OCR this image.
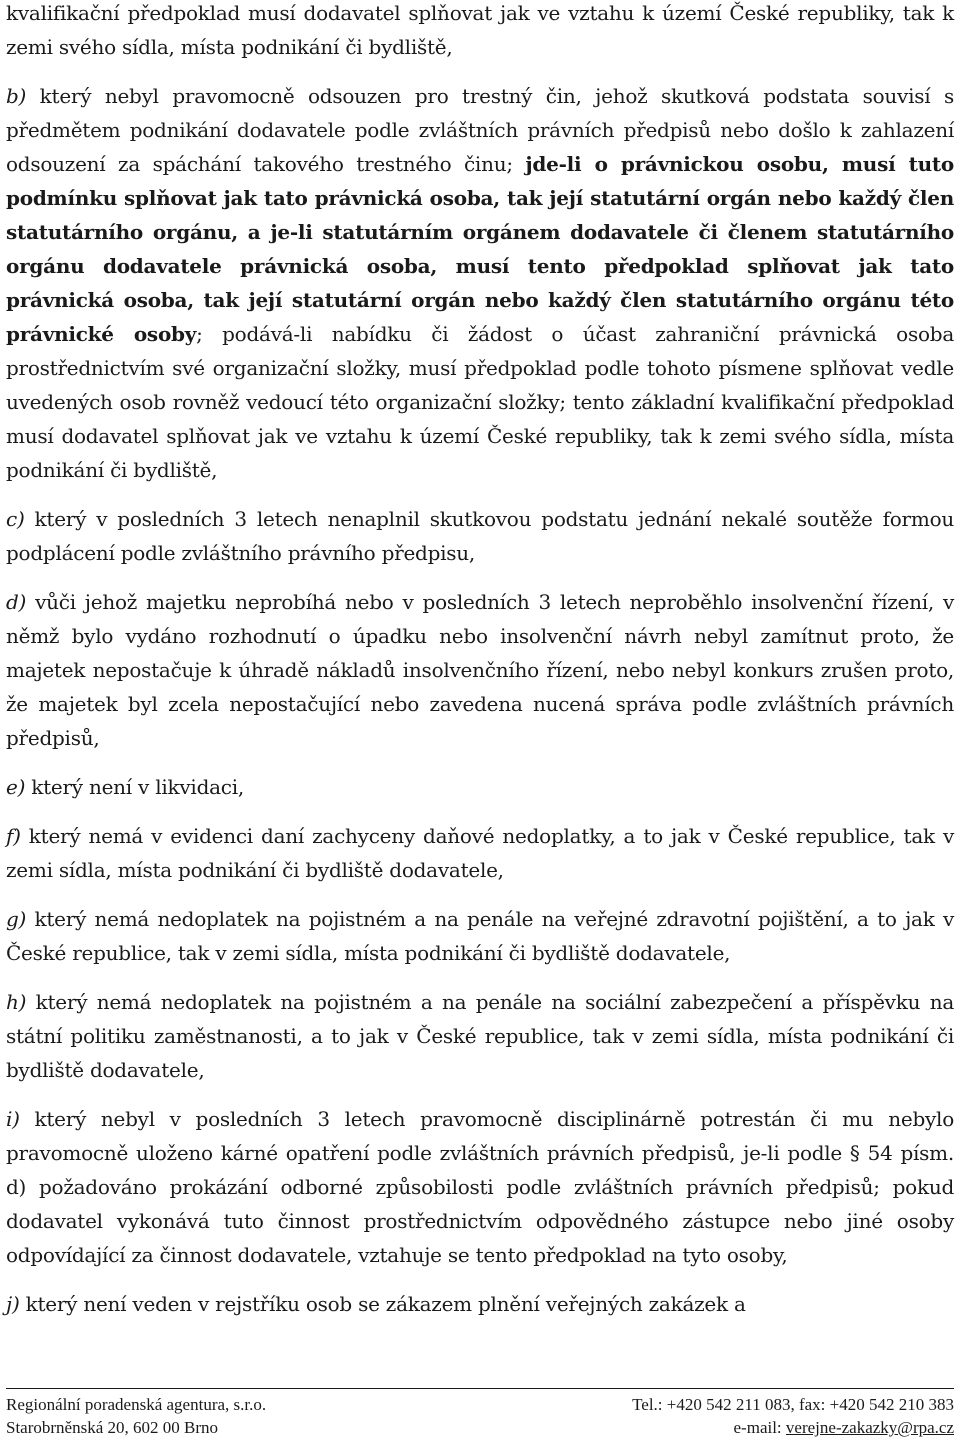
kvalifikační předpoklad musí dodavatel splňovat jak ve vztahu k území České republiky, tak k zemi svého sídla, místa podnikání či bydliště,

b) který nebyl pravomocně odsouzen pro trestný čin, jehož skutková podstata souvisí s předmětem podnikání dodavatele podle zvláštních právních předpisů nebo došlo k zahlazení odsouzení za spáchání takového trestného činu; jde-li o právnickou osobu, musí tuto podmínku splňovat jak tato právnická osoba, tak její statutární orgán nebo každý člen statutárního orgánu, a je-li statutárním orgánem dodavatele či členem statutárního orgánu dodavatele právnická osoba, musí tento předpoklad splňovat jak tato právnická osoba, tak její statutární orgán nebo každý člen statutárního orgánu této právnické osoby; podává-li nabídku či žádost o účast zahraniční právnická osoba prostřednictvím své organizační složky, musí předpoklad podle tohoto písmene splňovat vedle uvedených osob rovněž vedoucí této organizační složky; tento základní kvalifikační předpoklad musí dodavatel splňovat jak ve vztahu k území České republiky, tak k zemi svého sídla, místa podnikání či bydliště,

c) který v posledních 3 letech nenaplnil skutkovou podstatu jednání nekalé soutěže formou podplácení podle zvláštního právního předpisu,

d) vůči jehož majetku neprobíhá nebo v posledních 3 letech neproběhlo insolvenční řízení, v němž bylo vydáno rozhodnutí o úpadku nebo insolvenční návrh nebyl zamítnut proto, že majetek nepostačuje k úhradě nákladů insolvenčního řízení, nebo nebyl konkurs zrušen proto, že majetek byl zcela nepostačující nebo zavedena nucená správa podle zvláštních právních předpisů,

e) který není v likvidaci,

f) který nemá v evidenci daní zachyceny daňové nedoplatky, a to jak v České republice, tak v zemi sídla, místa podnikání či bydliště dodavatele,

g) který nemá nedoplatek na pojistném a na penále na veřejné zdravotní pojištění, a to jak v České republice, tak v zemi sídla, místa podnikání či bydliště dodavatele,

h) který nemá nedoplatek na pojistném a na penále na sociální zabezpečení a příspěvku na státní politiku zaměstnanosti, a to jak v České republice, tak v zemi sídla, místa podnikání či bydliště dodavatele,

i) který nebyl v posledních 3 letech pravomocně disciplinárně potrestán či mu nebylo pravomocně uloženo kárné opatření podle zvláštních právních předpisů, je-li podle § 54 písm. d) požadováno prokázání odborné způsobilosti podle zvláštních právních předpisů; pokud dodavatel vykonává tuto činnost prostřednictvím odpovědného zástupce nebo jiné osoby odpovídající za činnost dodavatele, vztahuje se tento předpoklad na tyto osoby,

j) který není veden v rejstříku osob se zákazem plnění veřejných zakázek a

Regionální poradenská agentura, s.r.o.
Starobrněnská 20, 602 00 Brno
Tel.: +420 542 211 083, fax: +420 542 210 383
e-mail: verejne-zakazky@rpa.cz
